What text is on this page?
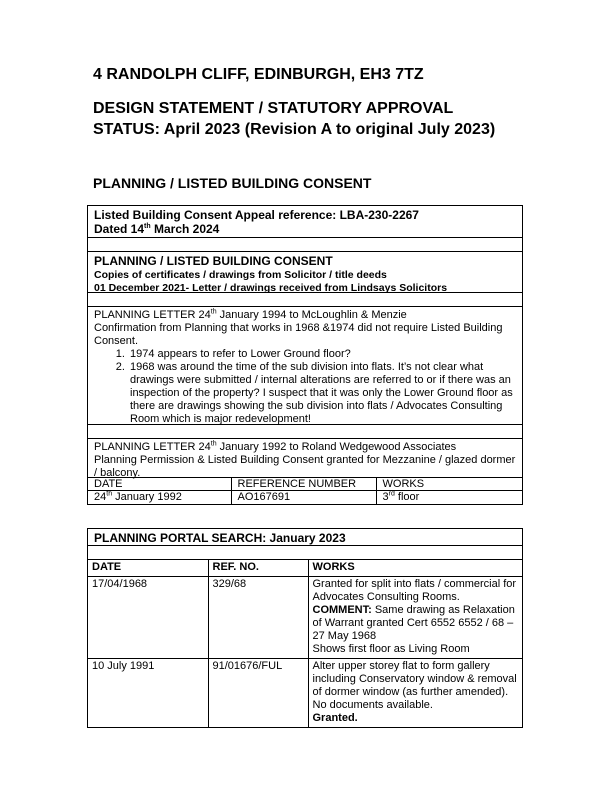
4 RANDOLPH CLIFF, EDINBURGH, EH3 7TZ
DESIGN STATEMENT / STATUTORY APPROVAL STATUS: April 2023 (Revision A to original July 2023)
PLANNING / LISTED BUILDING CONSENT
Listed Building Consent Appeal reference: LBA-230-2267
Dated 14th March 2024
PLANNING / LISTED BUILDING CONSENT
Copies of certificates / drawings from Solicitor / title deeds
01 December 2021- Letter / drawings received from Lindsays Solicitors
PLANNING LETTER 24th January 1994 to McLoughlin & Menzie
Confirmation from Planning that works in 1968 &1974 did not require Listed Building Consent.
1. 1974 appears to refer to Lower Ground floor?
2. 1968 was around the time of the sub division into flats. It’s not clear what drawings were submitted / internal alterations are referred to or if there was an inspection of the property? I suspect that it was only the Lower Ground floor as there are drawings showing the sub division into flats / Advocates Consulting Room which is major redevelopment!
PLANNING LETTER 24th January 1992 to Roland Wedgewood Associates
Planning Permission & Listed Building Consent granted for Mezzanine / glazed dormer / balcony.
DATE	REFERENCE NUMBER	WORKS
24th January 1992	AO167691	3rd floor
PLANNING PORTAL SEARCH: January 2023
DATE	REF. NO.	WORKS
17/04/1968	329/68	Granted for split into flats / commercial for Advocates Consulting Rooms.
COMMENT: Same drawing as Relaxation of Warrant granted Cert 6552 6552 / 68 – 27 May 1968
Shows first floor as Living Room
10 July 1991	91/01676/FUL	Alter upper storey flat to form gallery including Conservatory window & removal of dormer window (as further amended). No documents available.
Granted.
